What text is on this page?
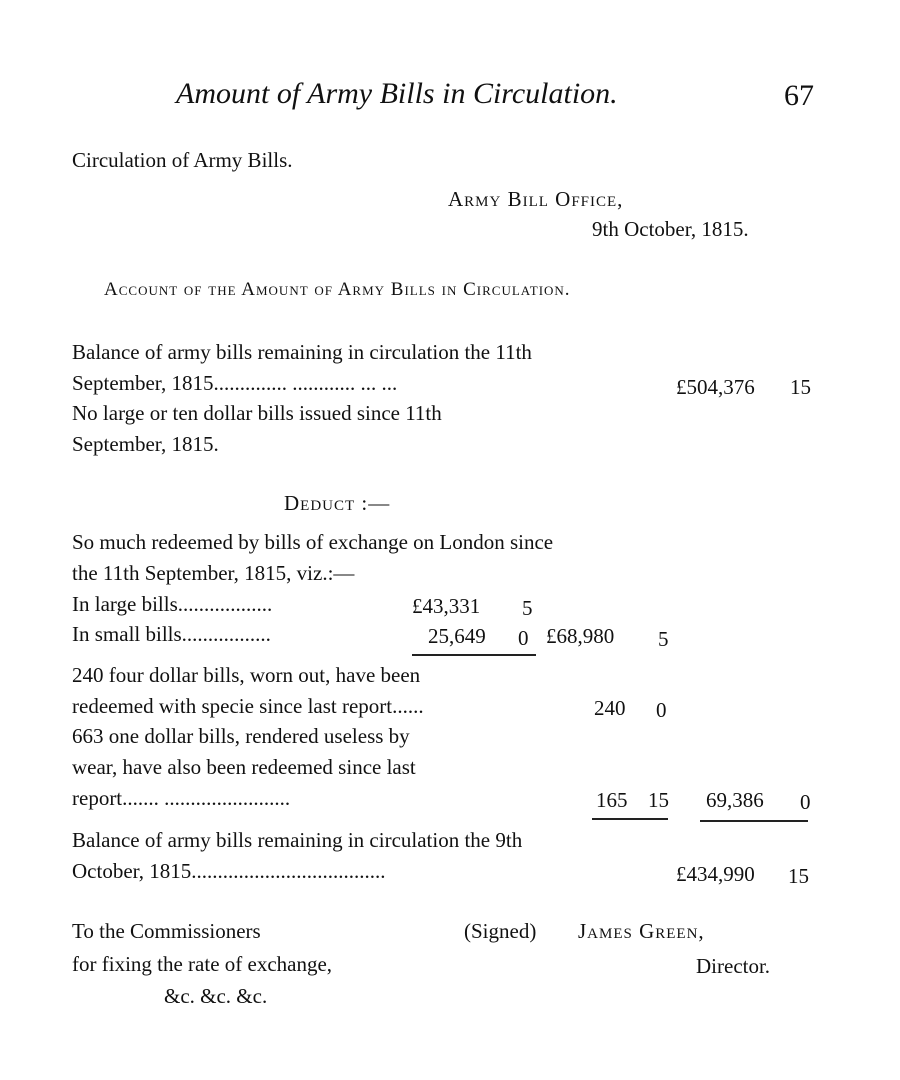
Amount of Army Bills in Circulation.	67
Circulation of Army Bills.
Army Bill Office,
9th October, 1815.
Account of the Amount of Army Bills in Circulation.
Balance of army bills remaining in circulation the 11th
September, 1815.............. ............ ... ...	£504,376 15
No large or ten dollar bills issued since 11th
September, 1815.
Deduct :—
So much redeemed by bills of exchange on London since
the 11th September, 1815, viz.:—
In large bills..................	£43,331 5
In small bills.................	25,649 0 £68,980 5
240 four dollar bills, worn out, have been
redeemed with specie since last report......	240 0
663 one dollar bills, rendered useless by
wear, have also been redeemed since last
report....... ........................	165 15 69,386 0
Balance of army bills remaining in circulation the 9th
October, 1815.....................................	£434,990 15
To the Commissioners
for fixing the rate of exchange,
&c. &c. &c.
(Signed) James Green,
Director.
